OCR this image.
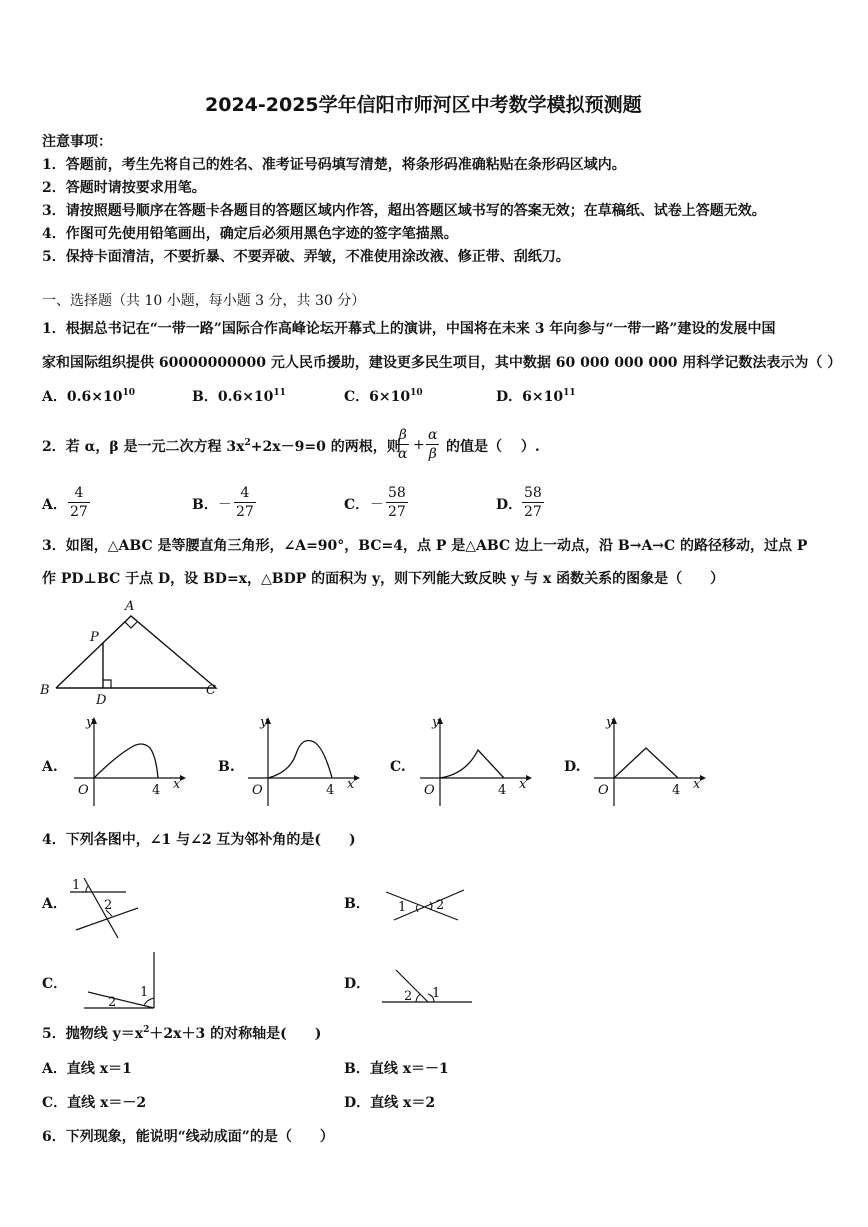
2024-2025学年信阳市师河区中考数学模拟预测题
注意事项：
1．答题前，考生先将自己的姓名、准考证号码填写清楚，将条形码准确粘贴在条形码区域内。
2．答题时请按要求用笔。
3．请按照题号顺序在答题卡各题目的答题区域内作答，超出答题区域书写的答案无效；在草稿纸、试卷上答题无效。
4．作图可先使用铅笔画出，确定后必须用黑色字迹的签字笔描黑。
5．保持卡面清洁，不要折暴、不要弄破、弄皱，不准使用涂改液、修正带、刮纸刀。
一、选择题（共 10 小题，每小题 3 分，共 30 分）
1．根据总书记在“一带一路”国际合作高峰论坛开幕式上的演讲，中国将在未来 3 年向参与“一带一路”建设的发展中国
家和国际组织提供 60000000000 元人民币援助，建设更多民生项目，其中数据 60 000 000 000 用科学记数法表示为（ ）
A．$0.6\times 10^{10}$	B．$0.6\times 10^{11}$	C．$6\times 10^{10}$	D．$6\times 10^{11}$
2．若 α，β 是一元二次方程 $3x^2+2x-9=0$ 的两根，则
$\frac{\beta}{\alpha} + \frac{\alpha}{\beta}$ 的值是（　 ）.
A． $\frac{4}{27}$	B． － $\frac{4}{27}$	C． － $\frac{58}{27}$	D． $\frac{58}{27}$
3．如图，△ABC 是等腰直角三角形，∠A=90°，BC=4，点 P 是△ABC 边上一动点，沿 B→A→C 的路径移动，过点 P
作 PD⊥BC 于点 D，设 BD=x，△BDP 的面积为 y，则下列能大致反映 y 与 x 函数关系的图象是（　　）
A
P
B
D
C
A.
y
x
O	4
B.
y
x
O	4
C.
y
x
O	4
D.
y
x
O	4
4．下列各图中，∠1 与∠2 互为邻补角的是(　　)
A．
1
2	B． 1 2
C．
1
2
D．
2 1
5．抛物线 $y=x^2+2x+3$ 的对称轴是(　　)
A．直线 x＝1	B．直线 x＝－1
C．直线 x＝－2	D．直线 x＝2
6．下列现象，能说明“线动成面”的是（　　）
